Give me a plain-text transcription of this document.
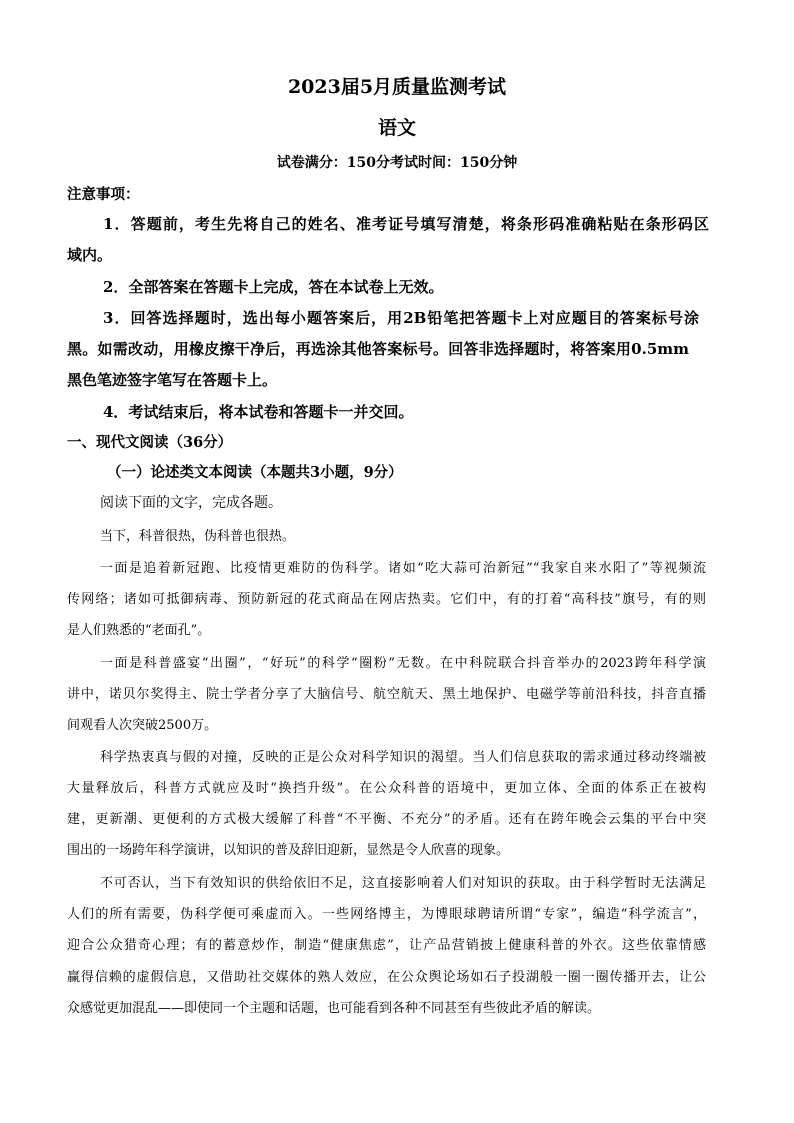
2023届5月质量监测考试
语文
试卷满分：150分考试时间：150分钟
注意事项：
1．答题前，考生先将自己的姓名、准考证号填写清楚，将条形码准确粘贴在条形码区
域内。
2．全部答案在答题卡上完成，答在本试卷上无效。
3．回答选择题时，选出每小题答案后，用2B铅笔把答题卡上对应题目的答案标号涂
黑。如需改动，用橡皮擦干净后，再选涂其他答案标号。回答非选择题时，将答案用0.5mm
黑色笔迹签字笔写在答题卡上。
4．考试结束后，将本试卷和答题卡一并交回。
一、现代文阅读（36分）
（一）论述类文本阅读（本题共3小题，9分）
阅读下面的文字，完成各题。
当下，科普很热，伪科普也很热。
一面是追着新冠跑、比疫情更难防的伪科学。诸如“吃大蒜可治新冠”“我家自来水阳了”等视频流
传网络；诸如可抵御病毒、预防新冠的花式商品在网店热卖。它们中，有的打着“高科技”旗号，有的则
是人们熟悉的“老面孔”。
一面是科普盛宴“出圈”，“好玩”的科学“圈粉”无数。在中科院联合抖音举办的2023跨年科学演
讲中，诺贝尔奖得主、院士学者分享了大脑信号、航空航天、黑土地保护、电磁学等前沿科技，抖音直播
间观看人次突破2500万。
科学热衷真与假的对撞，反映的正是公众对科学知识的渴望。当人们信息获取的需求通过移动终端被
大量释放后，科普方式就应及时“换挡升级”。在公众科普的语境中，更加立体、全面的体系正在被构
建，更新潮、更便利的方式极大缓解了科普“不平衡、不充分”的矛盾。还有在跨年晚会云集的平台中突
围出的一场跨年科学演讲，以知识的普及辞旧迎新，显然是令人欣喜的现象。
不可否认，当下有效知识的供给依旧不足，这直接影响着人们对知识的获取。由于科学暂时无法满足
人们的所有需要，伪科学便可乘虚而入。一些网络博主，为博眼球聘请所谓“专家”，编造“科学流言”，
迎合公众猎奇心理；有的蓄意炒作，制造“健康焦虑”，让产品营销披上健康科普的外衣。这些依靠情感
赢得信赖的虚假信息，又借助社交媒体的熟人效应，在公众舆论场如石子投湖般一圈一圈传播开去，让公
众感觉更加混乱——即使同一个主题和话题，也可能看到各种不同甚至有些彼此矛盾的解读。
